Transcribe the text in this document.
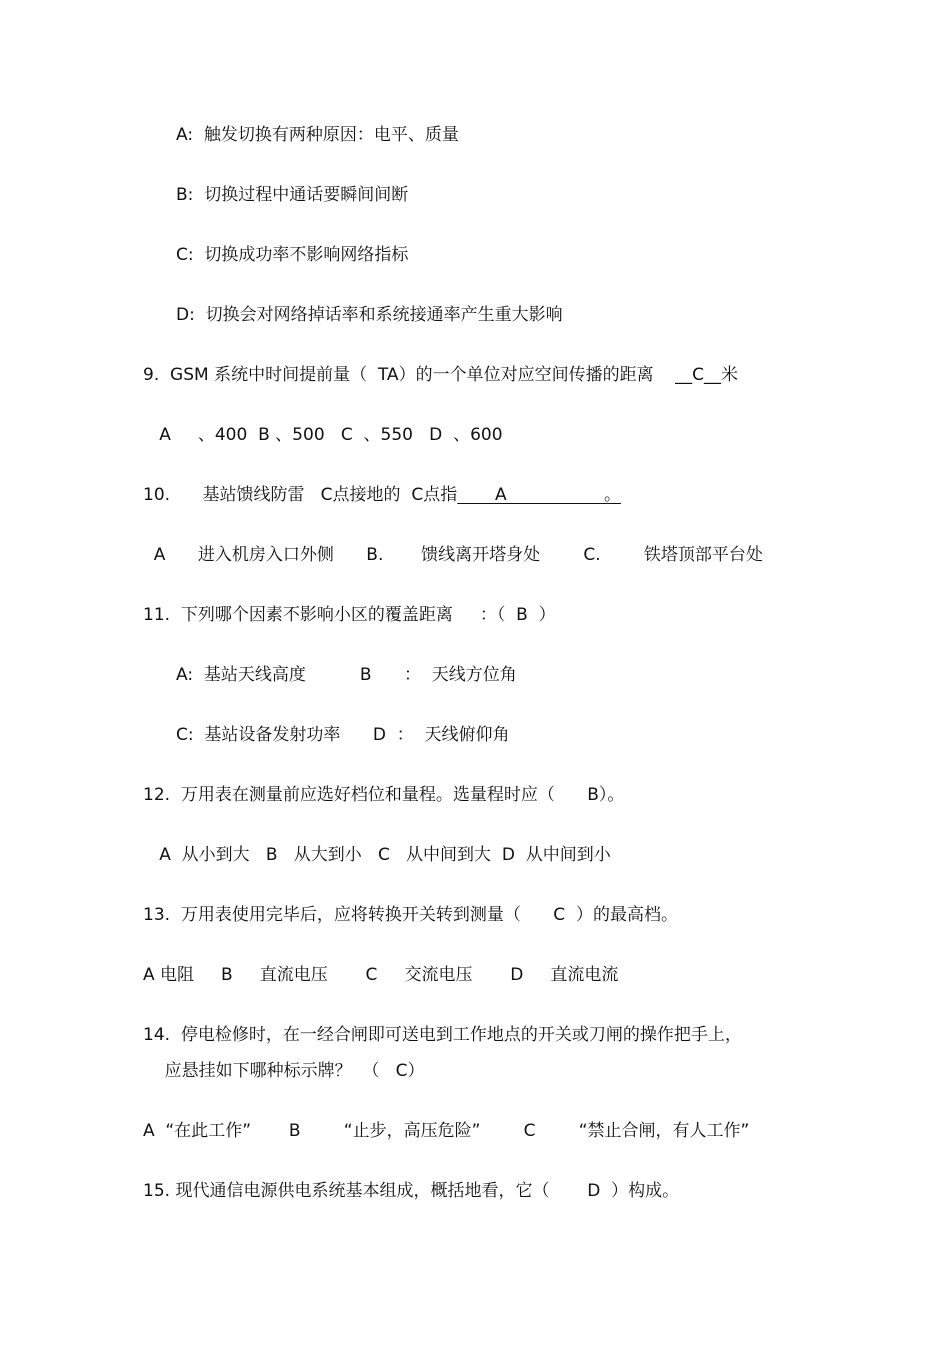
A:  触发切换有两种原因：电平、质量
B:  切换过程中通话要瞬间间断
C:  切换成功率不影响网络指标
D:  切换会对网络掉话率和系统接通率产生重大影响
9.  GSM 系统中时间提前量（  TA）的一个单位对应空间传播的距离    __C__米
A     、400  B 、500   C  、550   D  、600
10.      基站馈线防雷   C点接地的  C点指       A                  。
A      进入机房入口外侧      B.       馈线离开塔身处        C.        铁塔顶部平台处
11.  下列哪个因素不影响小区的覆盖距离     ：（  B  ）
A:  基站天线高度          B      ：  天线方位角
C:  基站设备发射功率      D  ：  天线俯仰角
12.  万用表在测量前应选好档位和量程。选量程时应（      B）。
A  从小到大   B   从大到小   C   从中间到大  D  从中间到小
13.  万用表使用完毕后，应将转换开关转到测量（      C  ）的最高档。
A 电阻     B     直流电压       C     交流电压       D     直流电流
14.  停电检修时，在一经合闸即可送电到工作地点的开关或刀闸的操作把手上，
应悬挂如下哪种标示牌？  （   C）
A  “在此工作”       B        “止步，高压危险”        C        “禁止合闸，有人工作”
15. 现代通信电源供电系统基本组成，概括地看，它（       D  ）构成。
